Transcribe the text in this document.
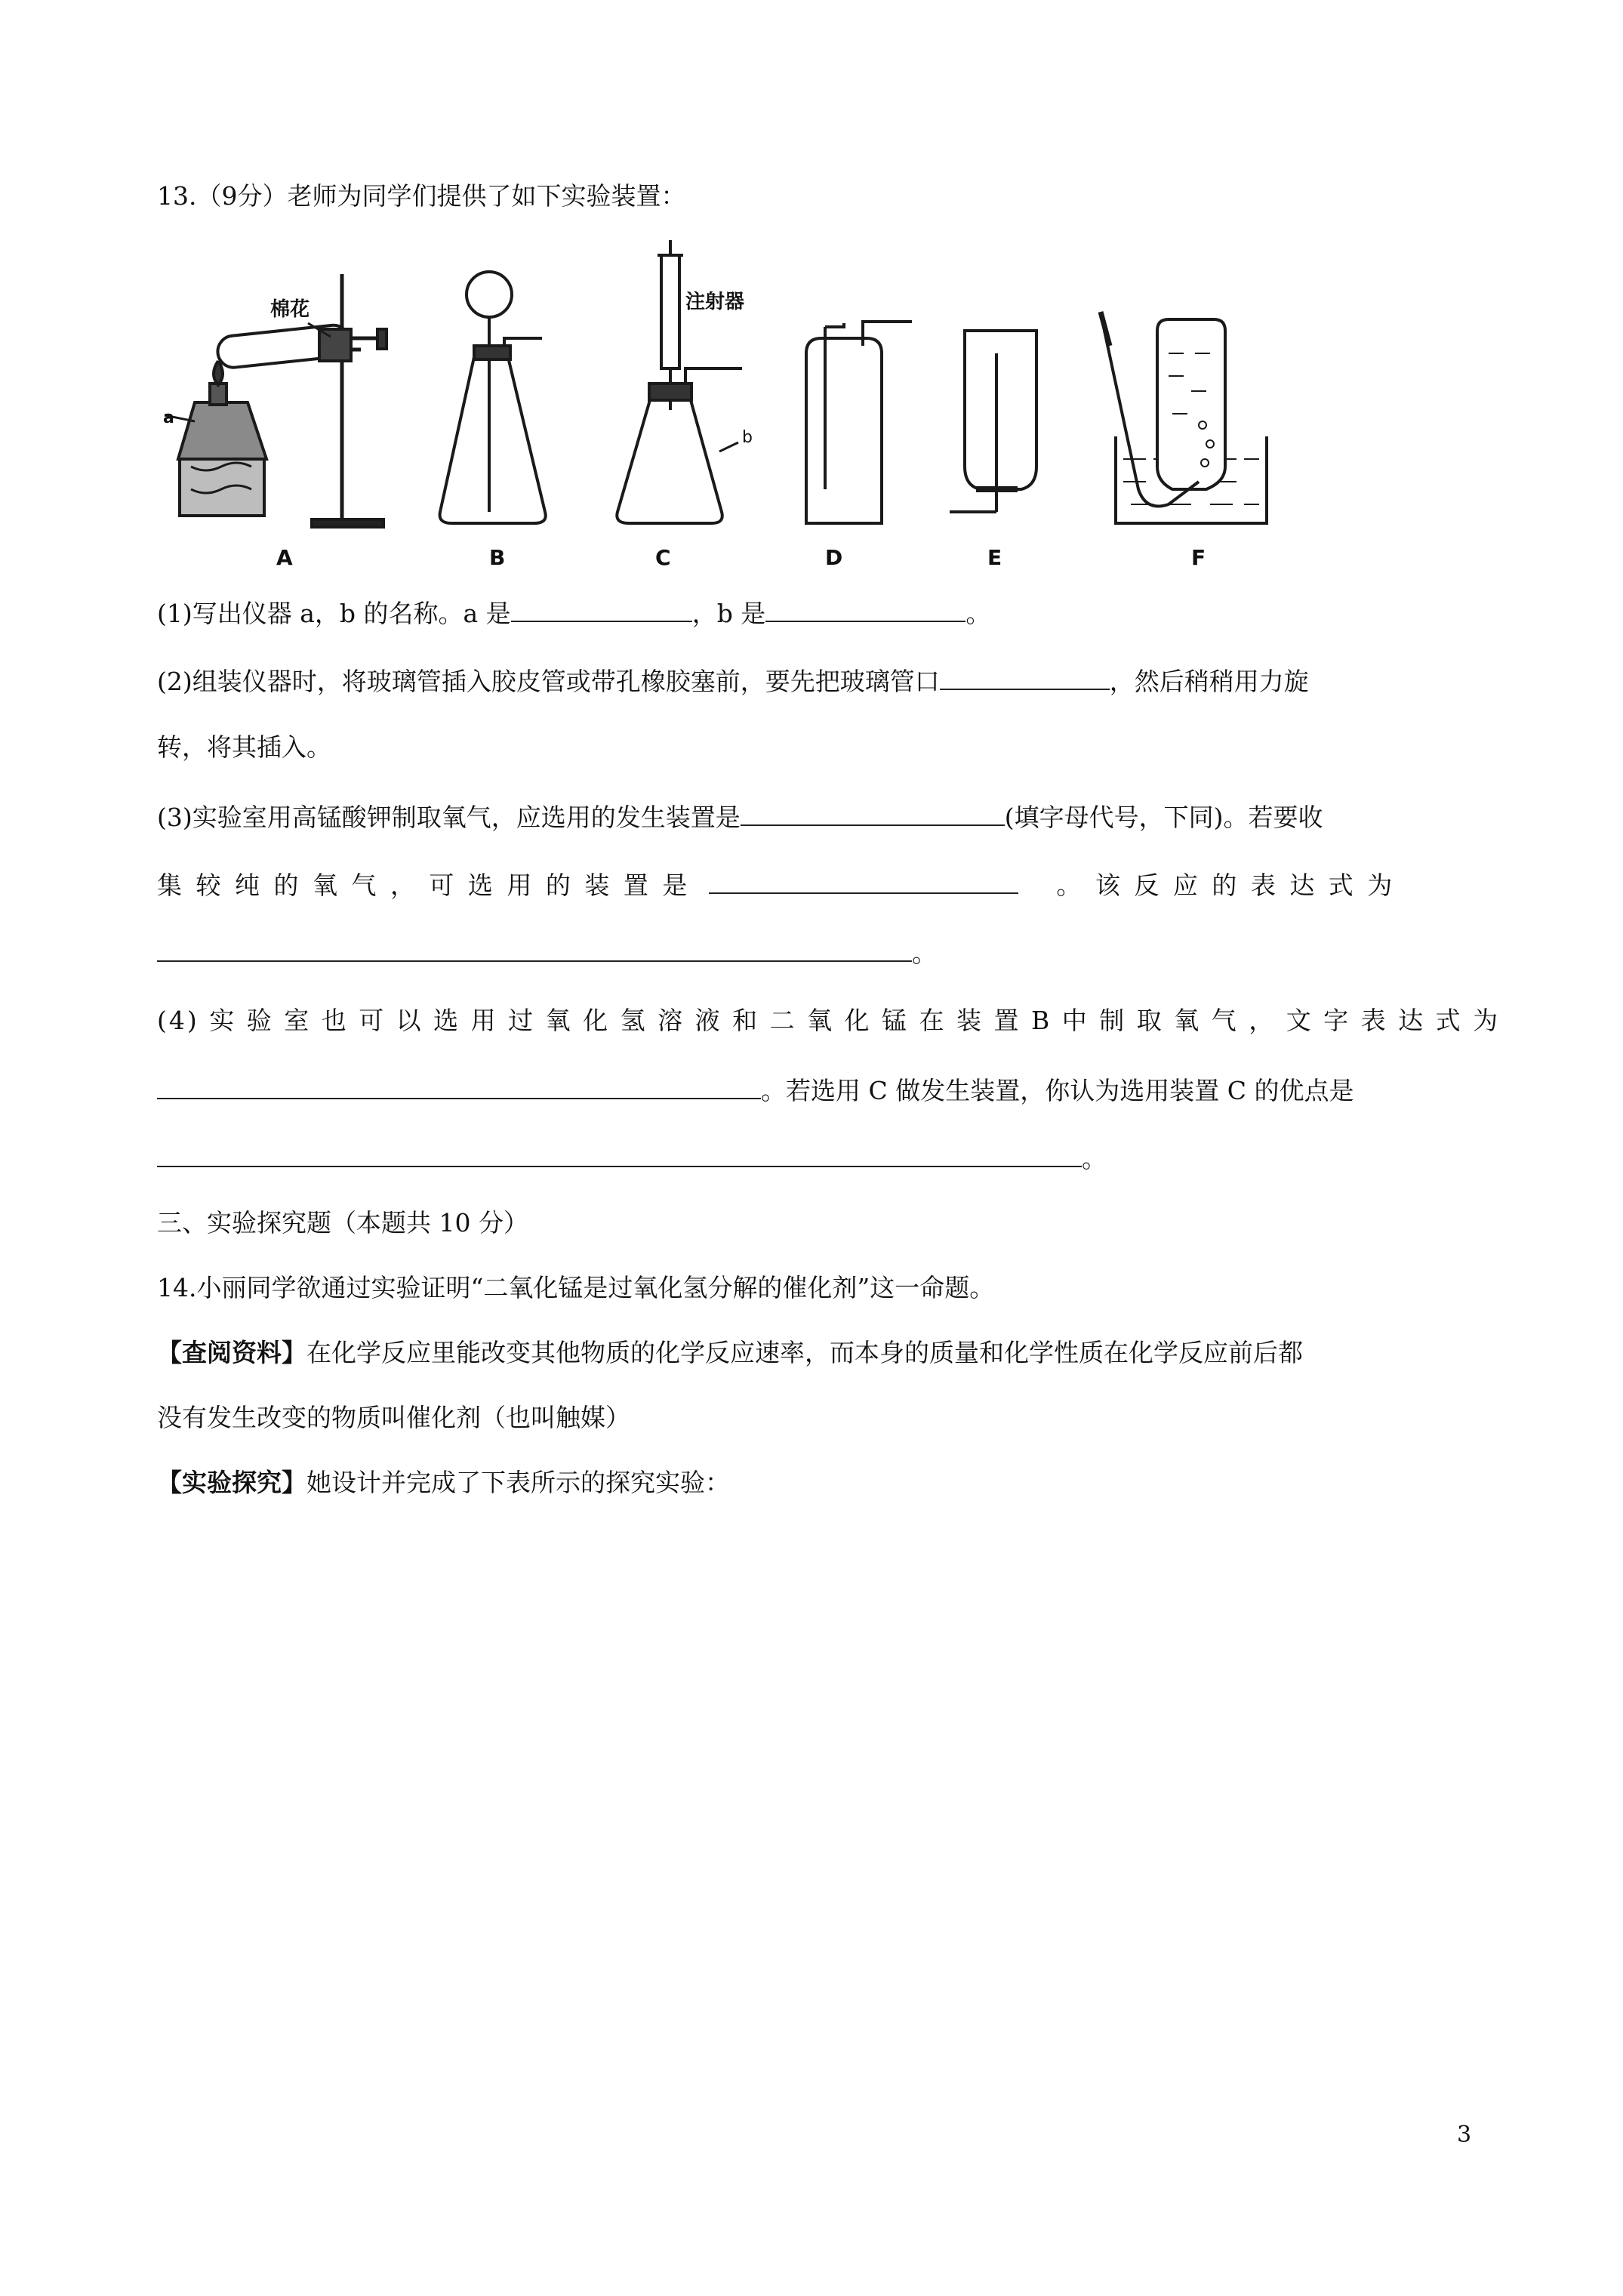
13.（9分）老师为同学们提供了如下实验装置：
a
棉花	注射器
b
A	B	C	D	E	F
(1)写出仪器 a，b 的名称。a 是	，b 是	。
(2)组装仪器时，将玻璃管插入胶皮管或带孔橡胶塞前，要先把玻璃管口	，然后稍稍用力旋
转，将其插入。
(3)实验室用高锰酸钾制取氧气，应选用的发生装置是	(填字母代号，下同)。若要收
集 较 纯 的 氧 气 ， 可 选 用 的 装 置 是	。 该 反 应 的 表 达 式 为
。
(4) 实 验 室 也 可 以 选 用 过 氧 化 氢 溶 液 和 二 氧 化 锰 在 装 置 B 中 制 取 氧 气 ， 文 字 表 达 式 为
。若选用 C 做发生装置，你认为选用装置 C 的优点是
。
三、实验探究题（本题共 10 分）
14.小丽同学欲通过实验证明“二氧化锰是过氧化氢分解的催化剂”这一命题。
【查阅资料】在化学反应里能改变其他物质的化学反应速率，而本身的质量和化学性质在化学反应前后都
没有发生改变的物质叫催化剂（也叫触媒）
【实验探究】她设计并完成了下表所示的探究实验：
3
